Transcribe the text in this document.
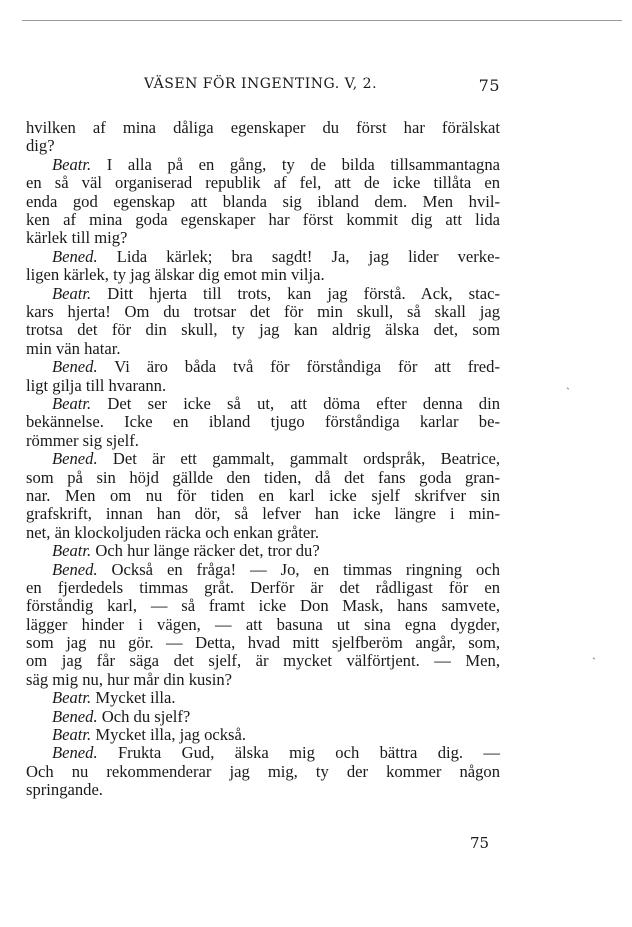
VÄSEN FÖR INGENTING. V, 2.	75
hvilken af mina dåliga egenskaper du först har förälskat
dig?
Beatr. I alla på en gång, ty de bilda tillsammantagna
en så väl organiserad republik af fel, att de icke tillåta en
enda god egenskap att blanda sig ibland dem. Men hvil-
ken af mina goda egenskaper har först kommit dig att lida
kärlek till mig?
Bened. Lida kärlek; bra sagdt! Ja, jag lider verke-
ligen kärlek, ty jag älskar dig emot min vilja.
Beatr. Ditt hjerta till trots, kan jag förstå. Ack, stac-
kars hjerta! Om du trotsar det för min skull, så skall jag
trotsa det för din skull, ty jag kan aldrig älska det, som
min vän hatar.
Bened. Vi äro båda två för förståndiga för att fred-
ligt gilja till hvarann.
Beatr. Det ser icke så ut, att döma efter denna din
bekännelse. Icke en ibland tjugo förståndiga karlar be-
römmer sig sjelf.
Bened. Det är ett gammalt, gammalt ordspråk, Beatrice,
som på sin höjd gällde den tiden, då det fans goda gran-
nar. Men om nu för tiden en karl icke sjelf skrifver sin
grafskrift, innan han dör, så lefver han icke längre i min-
net, än klockoljuden räcka och enkan gråter.
Beatr. Och hur länge räcker det, tror du?
Bened. Också en fråga! — Jo, en timmas ringning och
en fjerdedels timmas gråt. Derför är det rådligast för en
förståndig karl, — så framt icke Don Mask, hans samvete,
lägger hinder i vägen, — att basuna ut sina egna dygder,
som jag nu gör. — Detta, hvad mitt sjelfberöm angår, som,
om jag får säga det sjelf, är mycket välförtjent. — Men,
säg mig nu, hur mår din kusin?
Beatr. Mycket illa.
Bened. Och du sjelf?
Beatr. Mycket illa, jag också.
Bened. Frukta Gud, älska mig och bättra dig. —
Och nu rekommenderar jag mig, ty der kommer någon
springande.
75
ˎ
ˎ
